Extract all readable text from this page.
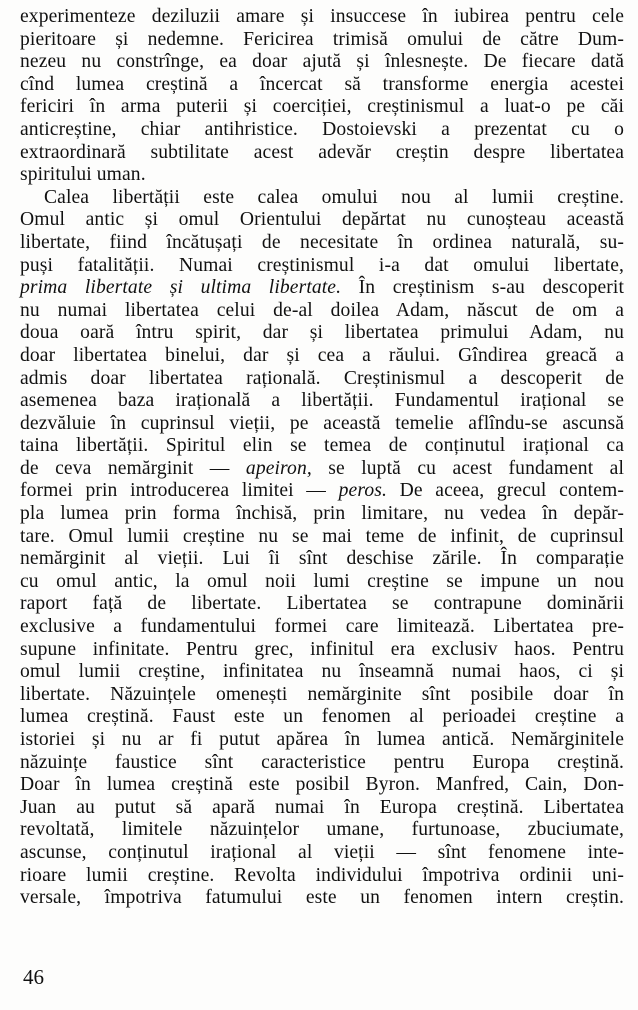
experimenteze deziluzii amare și insuccese în iubirea pentru cele
pieritoare și nedemne. Fericirea trimisă omului de către Dum-
nezeu nu constrînge, ea doar ajută și înlesnește. De fiecare dată
cînd lumea creștină a încercat să transforme energia acestei
fericiri în arma puterii și coerciției, creștinismul a luat-o pe căi
anticreștine, chiar antihristice. Dostoievski a prezentat cu o
extraordinară subtilitate acest adevăr creștin despre libertatea
spiritului uman.
Calea libertății este calea omului nou al lumii creștine.
Omul antic și omul Orientului depărtat nu cunoșteau această
libertate, fiind încătușați de necesitate în ordinea naturală, su-
puși fatalității. Numai creștinismul i-a dat omului libertate,
prima libertate și ultima libertate. În creștinism s-au descoperit
nu numai libertatea celui de-al doilea Adam, născut de om a
doua oară întru spirit, dar și libertatea primului Adam, nu
doar libertatea binelui, dar și cea a răului. Gîndirea greacă a
admis doar libertatea rațională. Creștinismul a descoperit de
asemenea baza irațională a libertății. Fundamentul irațional se
dezvăluie în cuprinsul vieții, pe această temelie aflîndu-se ascunsă
taina libertății. Spiritul elin se temea de conținutul irațional ca
de ceva nemărginit — apeiron, se luptă cu acest fundament al
formei prin introducerea limitei — peros. De aceea, grecul contem-
pla lumea prin forma închisă, prin limitare, nu vedea în depăr-
tare. Omul lumii creștine nu se mai teme de infinit, de cuprinsul
nemărginit al vieții. Lui îi sînt deschise zările. În comparație
cu omul antic, la omul noii lumi creștine se impune un nou
raport față de libertate. Libertatea se contrapune dominării
exclusive a fundamentului formei care limitează. Libertatea pre-
supune infinitate. Pentru grec, infinitul era exclusiv haos. Pentru
omul lumii creștine, infinitatea nu înseamnă numai haos, ci și
libertate. Năzuințele omenești nemărginite sînt posibile doar în
lumea creștină. Faust este un fenomen al perioadei creștine a
istoriei și nu ar fi putut apărea în lumea antică. Nemărginitele
năzuințe faustice sînt caracteristice pentru Europa creștină.
Doar în lumea creștină este posibil Byron. Manfred, Cain, Don-
Juan au putut să apară numai în Europa creștină. Libertatea
revoltată, limitele năzuințelor umane, furtunoase, zbuciumate,
ascunse, conținutul irațional al vieții — sînt fenomene inte-
rioare lumii creștine. Revolta individului împotriva ordinii uni-
versale, împotriva fatumului este un fenomen intern creștin.
46
